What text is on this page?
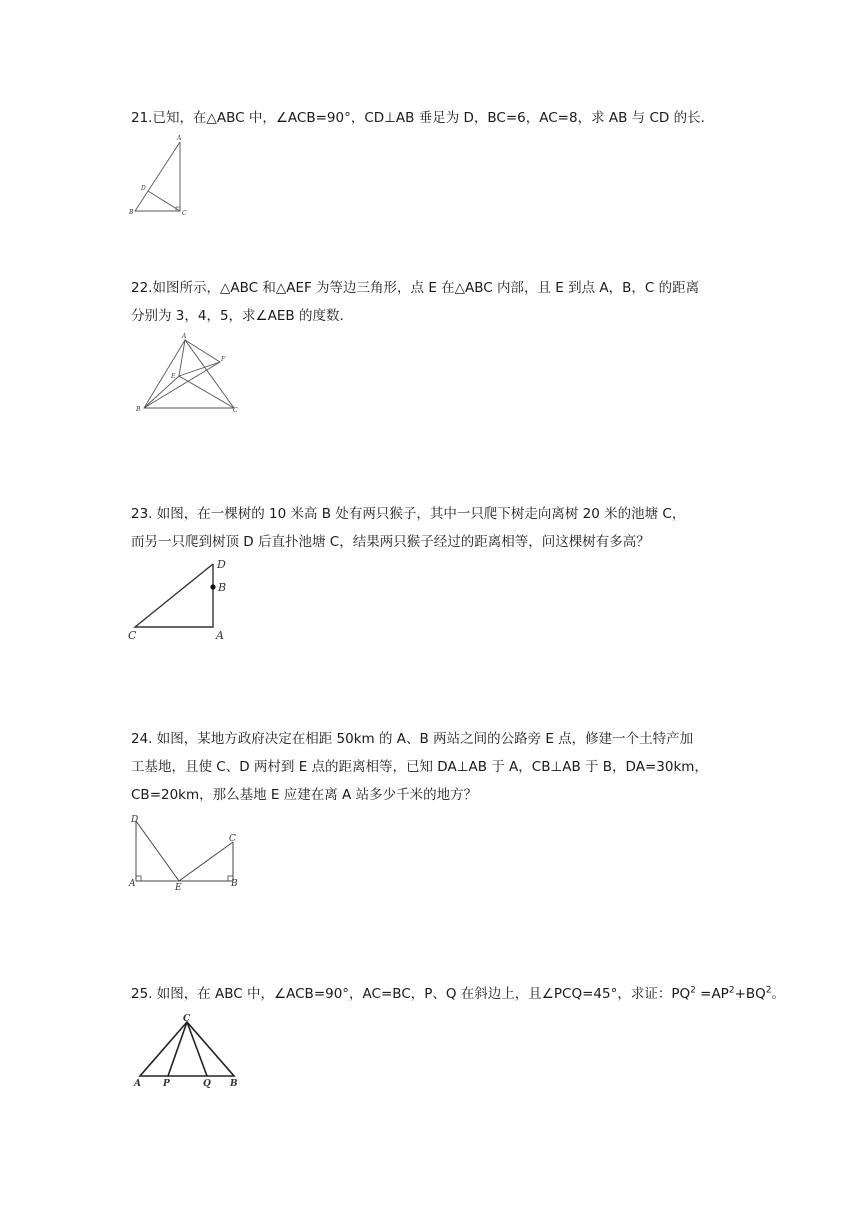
21.已知，在△ABC 中，∠ACB=90°，CD⊥AB 垂足为 D，BC=6，AC=8，求 AB 与 CD 的长.
A
D
B	C
22.如图所示，△ABC 和△AEF 为等边三角形，点 E 在△ABC 内部，且 E 到点 A，B，C 的距离
分别为 3，4，5，求∠AEB 的度数.
A
F
E
B	C
23. 如图，在一棵树的 10 米高 B 处有两只猴子，其中一只爬下树走向离树 20 米的池塘 C，
而另一只爬到树顶 D 后直扑池塘 C，结果两只猴子经过的距离相等，问这棵树有多高？
D
B
C	A
24. 如图，某地方政府决定在相距 50km 的 A、B 两站之间的公路旁 E 点，修建一个土特产加
工基地，且使 C、D 两村到 E 点的距离相等，已知 DA⊥AB 于 A，CB⊥AB 于 B，DA=30km，
CB=20km，那么基地 E 应建在离 A 站多少千米的地方？
D
C
A	E	B
25. 如图，在 ABC 中，∠ACB=90°，AC=BC，P、Q 在斜边上，且∠PCQ=45°，求证：$PQ^2 =AP^2+BQ^2$。
C
A P	Q B
